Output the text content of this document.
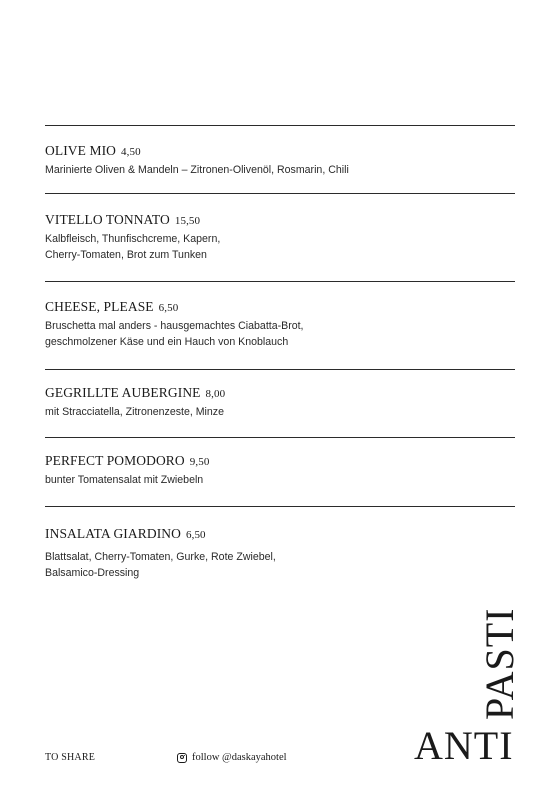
OLIVE MIO 4,50
Marinierte Oliven & Mandeln – Zitronen-Olivenöl, Rosmarin, Chili
VITELLO TONNATO 15,50
Kalbfleisch, Thunfischcreme, Kapern,
Cherry-Tomaten, Brot zum Tunken
CHEESE, PLEASE 6,50
Bruschetta mal anders - hausgemachtes Ciabatta-Brot,
geschmolzener Käse und ein Hauch von Knoblauch
GEGRILLTE AUBERGINE 8,00
mit Stracciatella, Zitronenzeste, Minze
PERFECT POMODORO 9,50
bunter Tomatensalat mit Zwiebeln
INSALATA GIARDINO 6,50
Blattsalat, Cherry-Tomaten, Gurke, Rote Zwiebel,
Balsamico-Dressing
TO SHARE	follow @daskayahotel
PASTI
ANTI
